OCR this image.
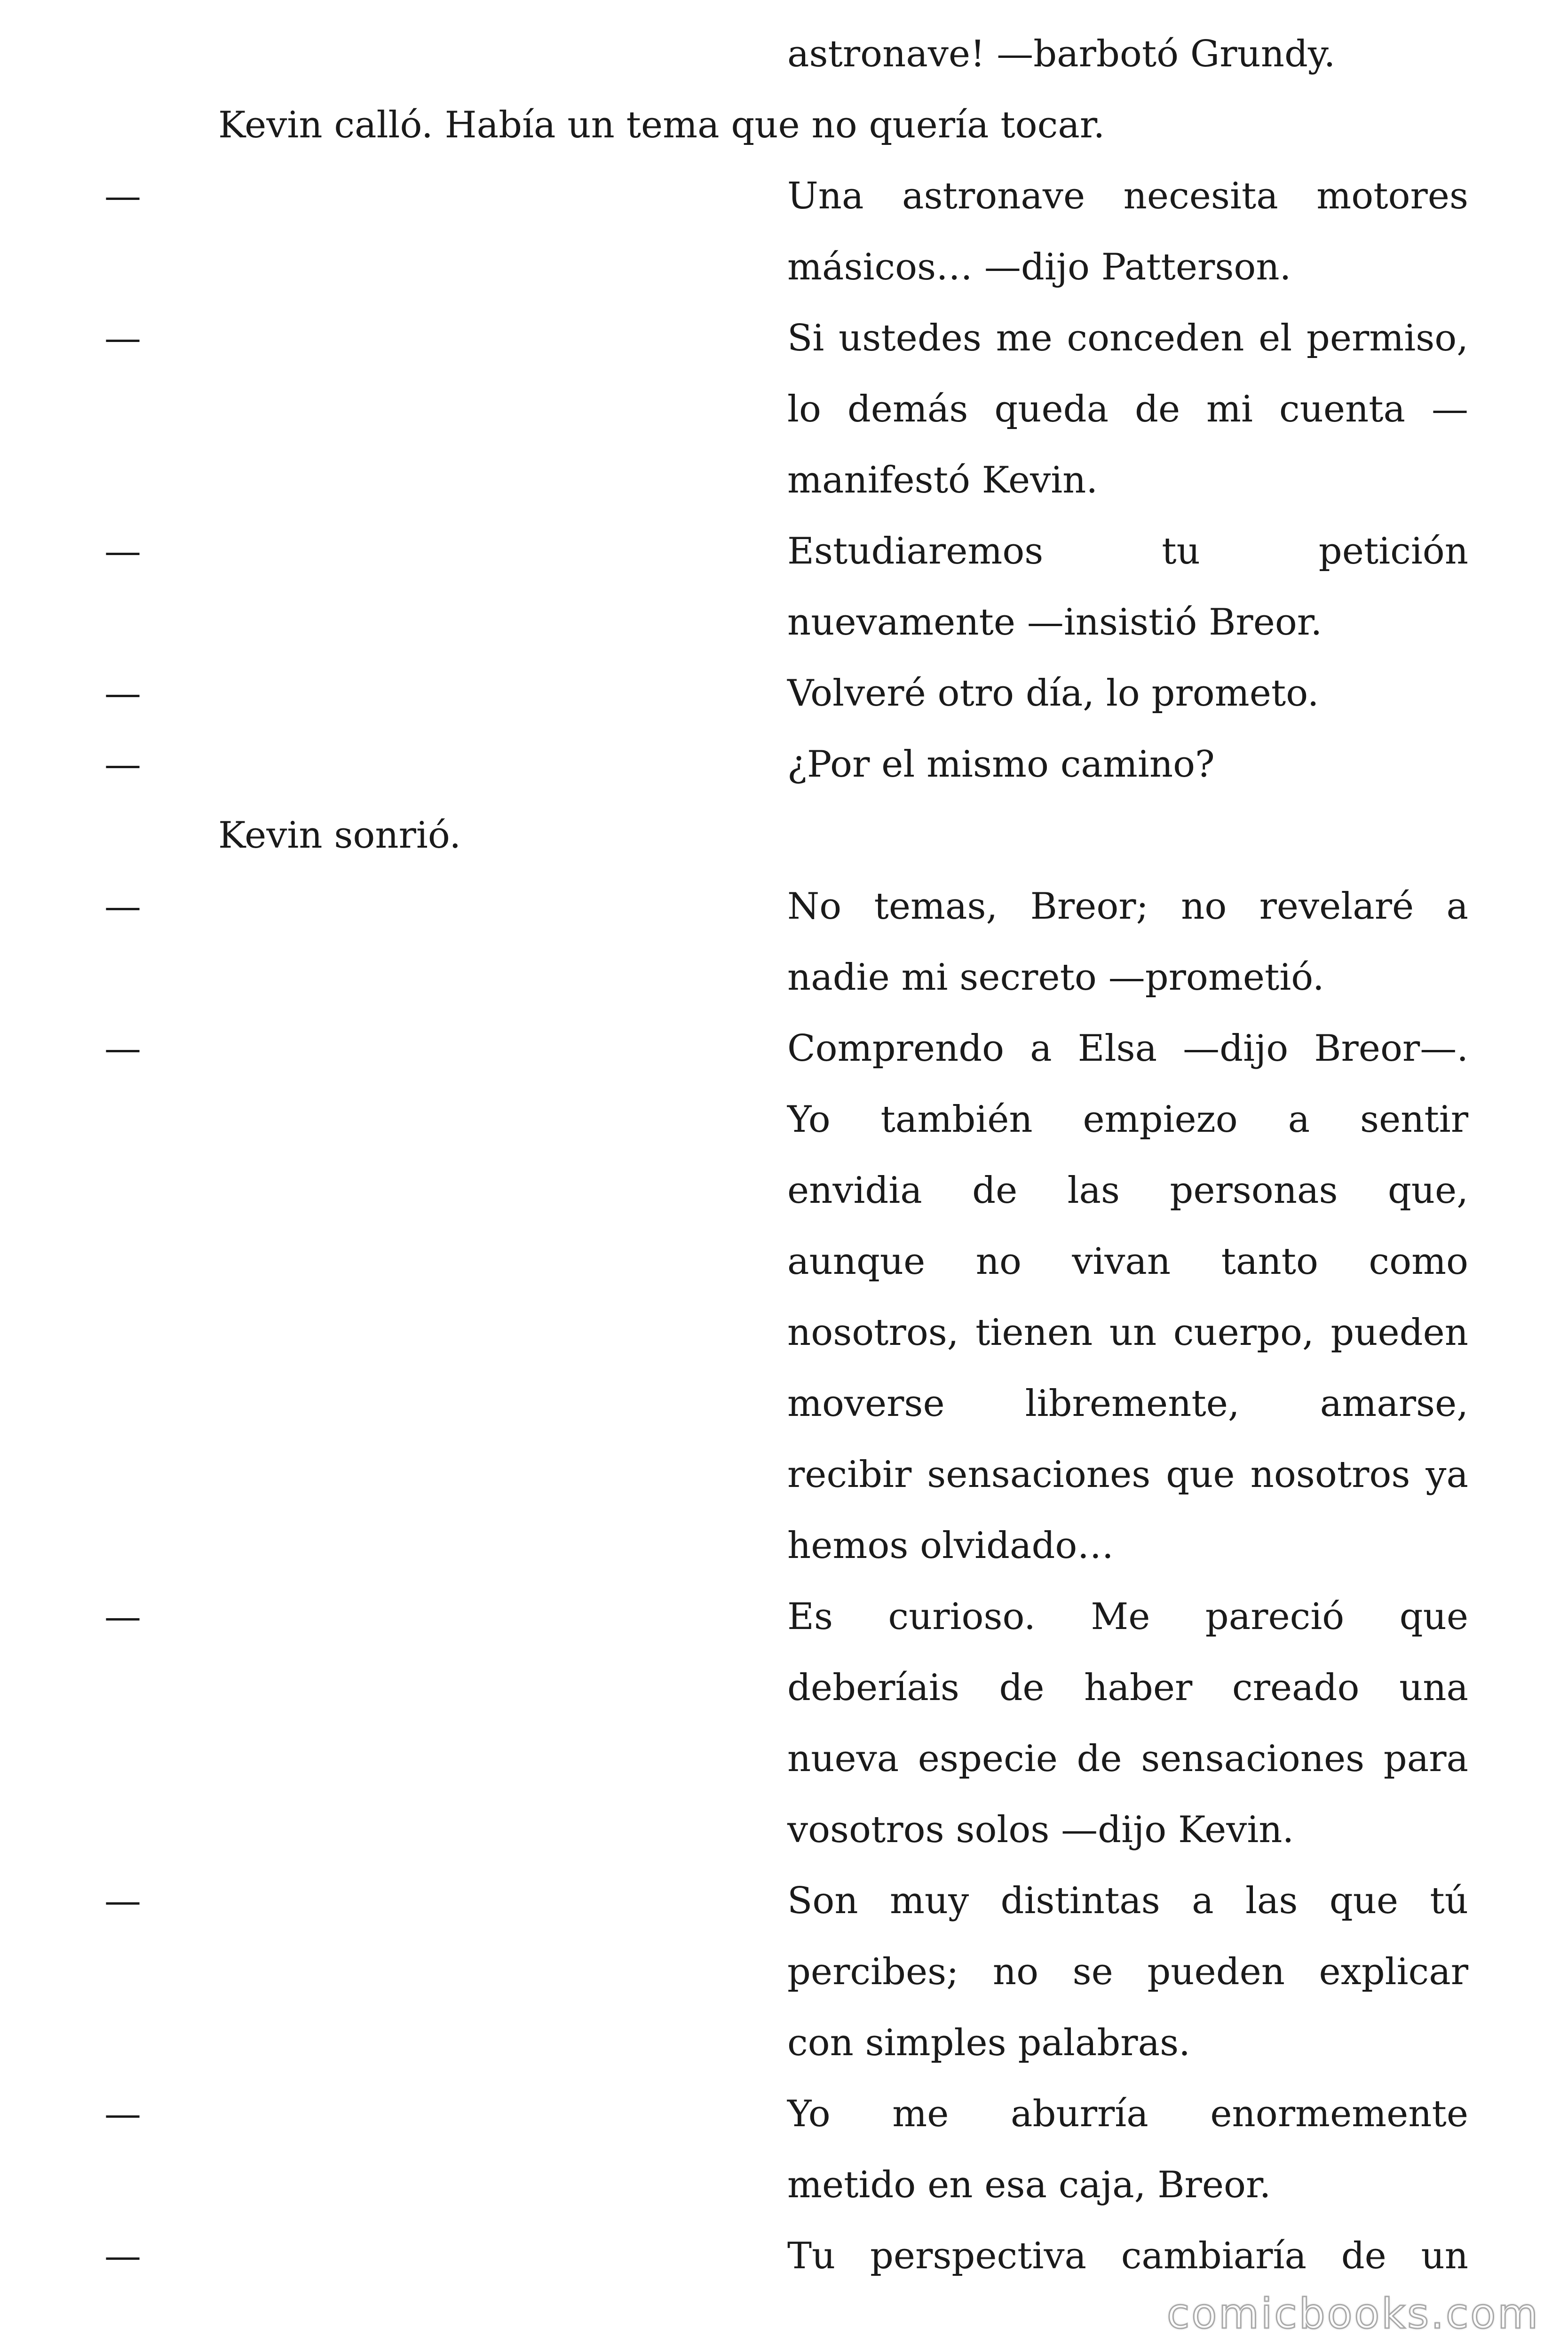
astronave! —barbotó Grundy.
Kevin calló. Había un tema que no quería tocar.
—	Una astronave necesita motores
másicos… —dijo Patterson.
—	Si ustedes me conceden el permiso,
lo demás queda de mi cuenta —
manifestó Kevin.
—	Estudiaremos tu petición
nuevamente —insistió Breor.
—	Volveré otro día, lo prometo.
—	¿Por el mismo camino?
Kevin sonrió.
—	No temas, Breor; no revelaré a
nadie mi secreto —prometió.
—	Comprendo a Elsa —dijo Breor—.
Yo también empiezo a sentir
envidia de las personas que,
aunque no vivan tanto como
nosotros, tienen un cuerpo, pueden
moverse libremente, amarse,
recibir sensaciones que nosotros ya
hemos olvidado…
—	Es curioso. Me pareció que
deberíais de haber creado una
nueva especie de sensaciones para
vosotros solos —dijo Kevin.
—	Son muy distintas a las que tú
percibes; no se pueden explicar
con simples palabras.
—	Yo me aburría enormemente
metido en esa caja, Breor.
—	Tu perspectiva cambiaría de un
comicbooks.com
